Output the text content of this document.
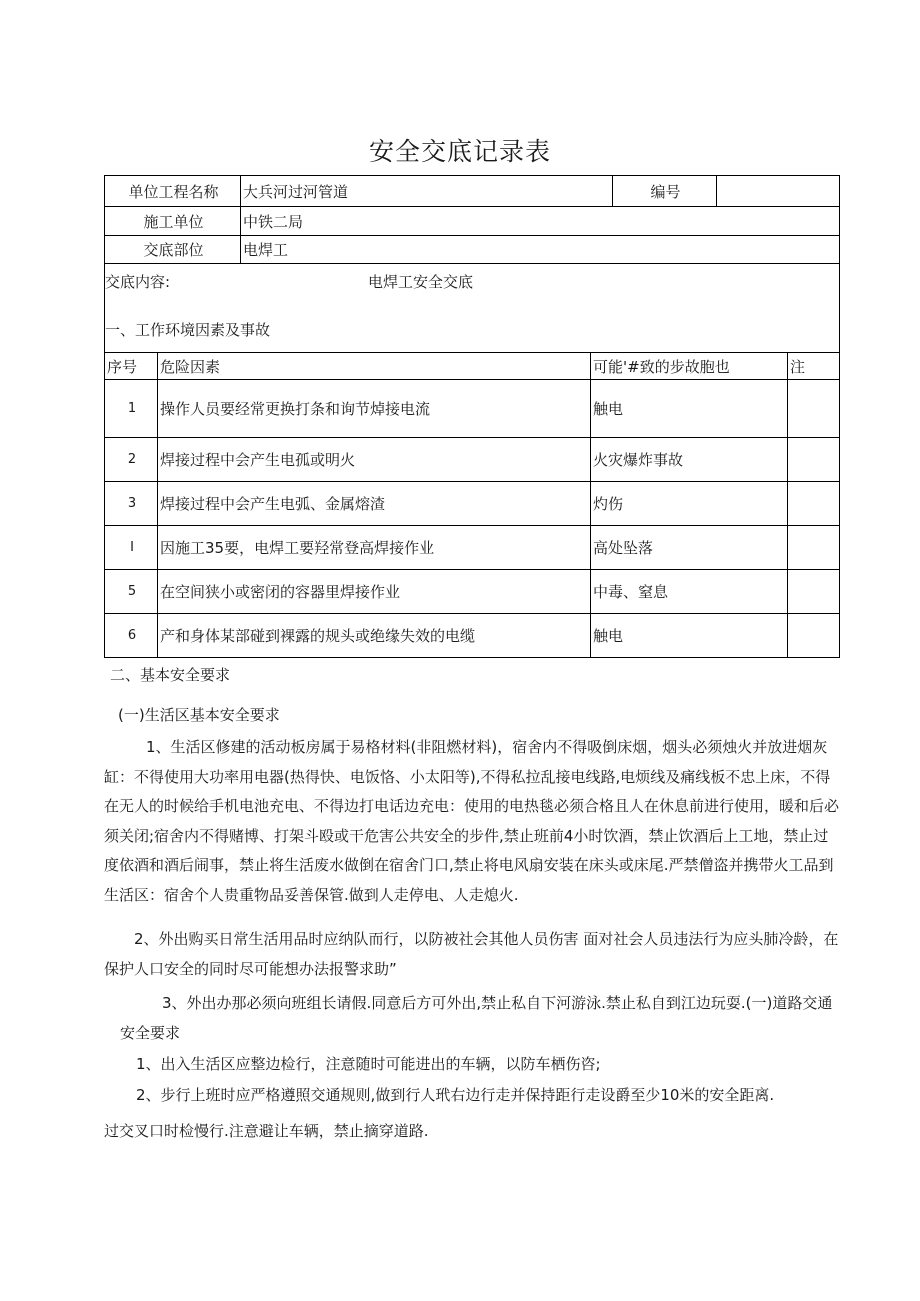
安全交底记录表
单位工程名称	大兵河过河管道	编号	
施工单位	中铁二局		
交底部位	电焊工		

交底内容: 电焊工安全交底
一、工作环境因素及事故			
序号	危险因素	可能'#致的步故胞也	注
1	操作人员要经常更换打条和询节焯接电流	触电	
2	焊接过程中会产生电孤或明火	火灾爆炸事故	
3	焊接过程中会产生电弧、金属熔渣	灼伤	
I	因施工35要，电焊工要羟常登高焊接作业	高处坠落	
5	在空间狭小或密闭的容器里焊接作业	中毒、窒息	
6	产和身体某部碰到裸露的规头或绝缘失效的电缆	触电	
二、基本安全要求
(一)生活区基本安全要求
1、生活区修建的活动板房属于易格材料(非阻燃材料)，宿舍内不得吸倒床烟，烟头必须烛火并放进烟灰缸：不得使用大功率用电器(热得快、电饭恪、小太阳等),不得私拉乱接电线路,电烦线及痛线板不忠上床，不得在无人的时候给手机电池充电、不得边打电话边充电：使用的电热毯必须合格且人在休息前进行使用，暖和后必须关闭;宿舍内不得赌博、打架斗殴或干危害公共安全的步件,禁止班前4小时饮酒，禁止饮酒后上工地，禁止过度依酒和酒后闹事，禁止将生活废水做倒在宿舍门口,禁止将电风扇安装在床头或床尾.严禁僧盗并携带火工品到生活区：宿舍个人贵重物品妥善保管.做到人走停电、人走熄火.
2、外出购买日常生活用品时应纳队而行，以防被社会其他人员伤害 面对社会人员违法行为应头肺冷龄，在保护人口安全的同时尽可能想办法报警求助”
3、外出办那必须向班组长请假.同意后方可外出,禁止私自下河游泳.禁止私自到江边玩耍.(一)道路交通安全要求
1、出入生活区应整边检行，注意随时可能进出的车辆，以防车栖伤咨;
2、步行上班时应严格遵照交通规则,做到行人玳右边行走并保持距行走设爵至少10米的安全距离.
过交叉口时检慢行.注意避让车辆，禁止摘穿道路.
